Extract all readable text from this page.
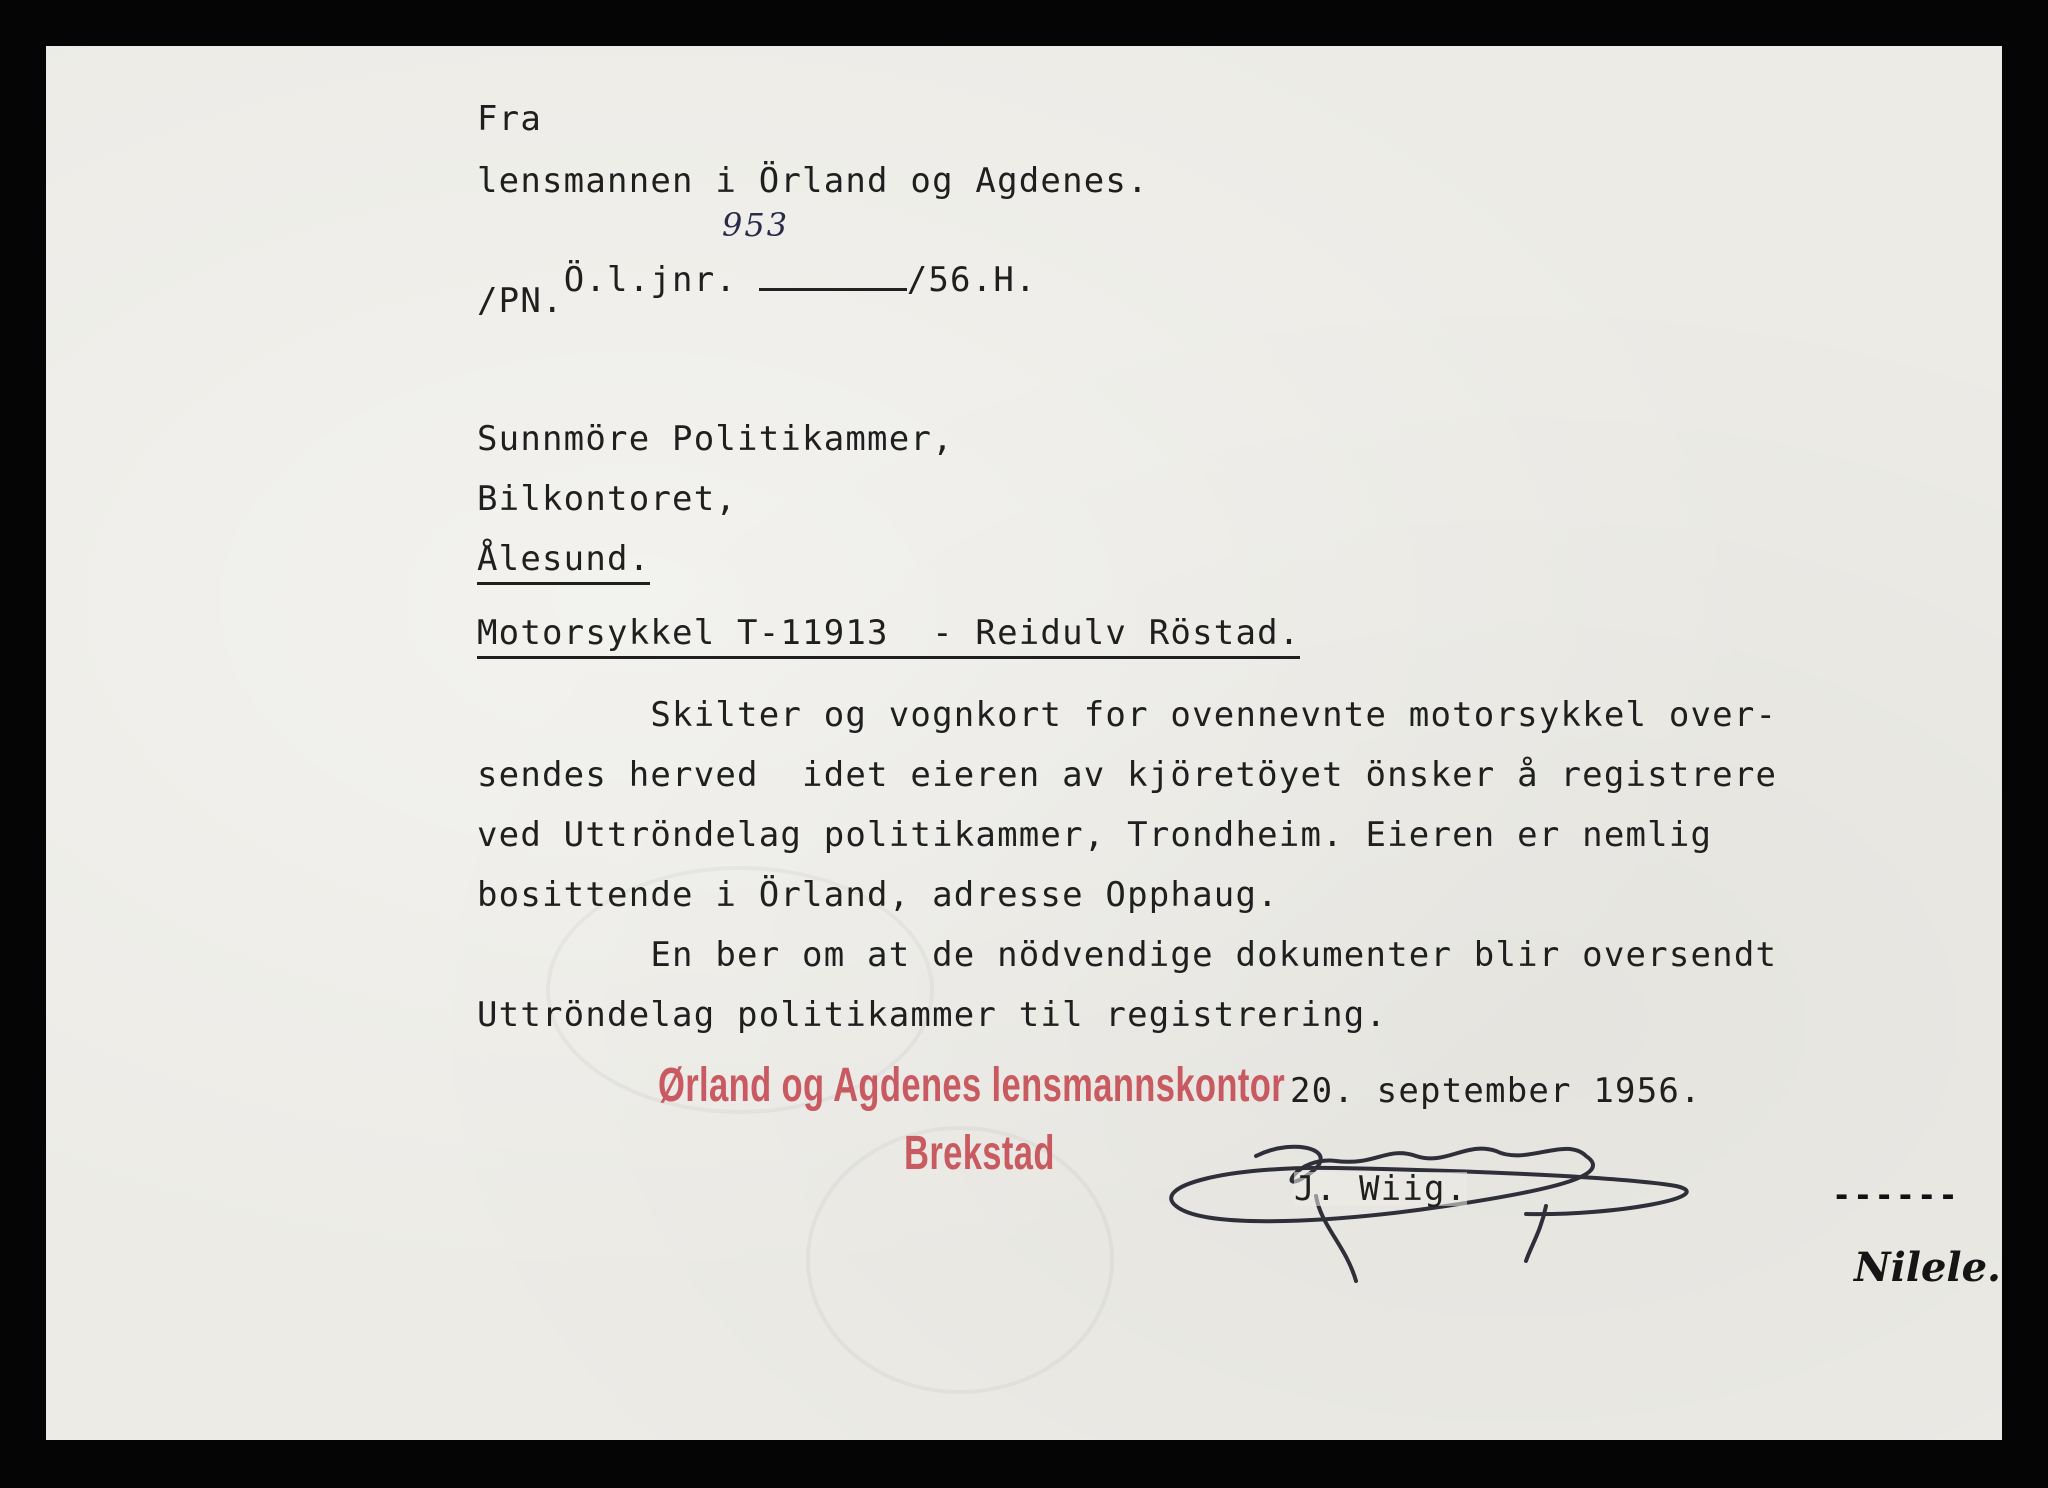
Fra
lensmannen i Örland og Agdenes.

Ö.l.jnr.	/56.H.

953
/PN.
Sunnmöre Politikammer,
Bilkontoret,
Ålesund.
Motorsykkel T-11913  - Reidulv Röstad.
Skilter og vognkort for ovennevnte motorsykkel over-
sendes herved  idet eieren av kjöretöyet önsker å registrere
ved Uttröndelag politikammer, Trondheim. Eieren er nemlig
bosittende i Örland, adresse Opphaug.
En ber om at de nödvendige dokumenter blir oversendt
Uttröndelag politikammer til registrering.
Ørland og Agdenes lensmannskontor
Brekstad
20. september 1956.
J. Wiig.	------
Nilele.
